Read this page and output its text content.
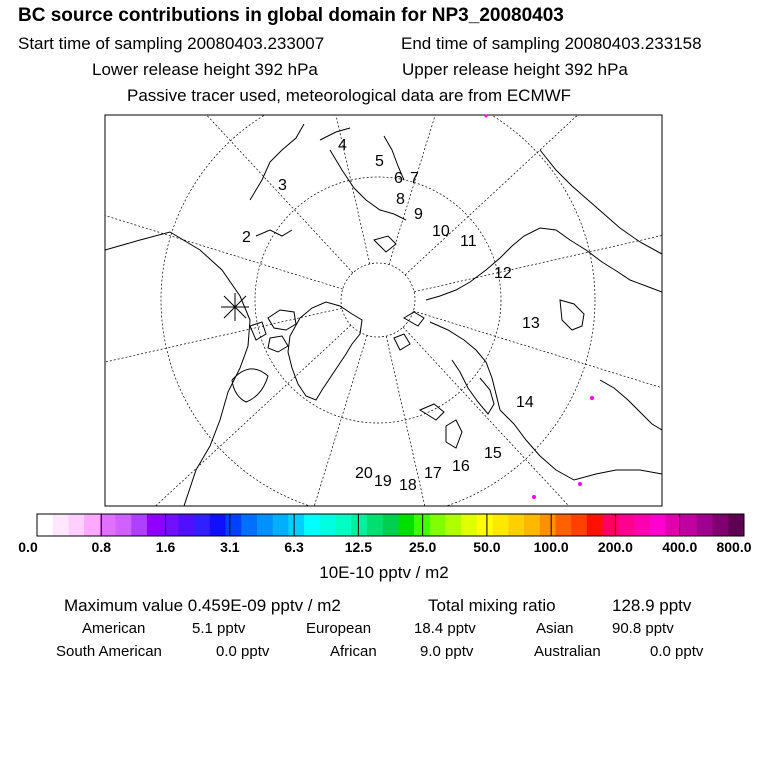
BC source contributions in global domain for NP3_20080403
Start time of sampling 20080403.233007	End time of sampling 20080403.233158
Lower release height 392 hPa	Upper release height 392 hPa
Passive tracer used, meteorological data are from ECMWF
2
3
4
5
6 7
8
9
10
11
12
13
14
15
16
17
18
19
20
0.0	0.8	1.6	3.1	6.3	12.5	25.0	50.0 100.0 200.0 400.0 800.0
10E-10 pptv / m2
Maximum value 0.459E-09 pptv / m2	Total mixing ratio	128.9 pptv
American	5.1 pptv	European	18.4 pptv	Asian	90.8 pptv
South American	0.0 pptv	African	9.0 pptv	Australian	0.0 pptv
